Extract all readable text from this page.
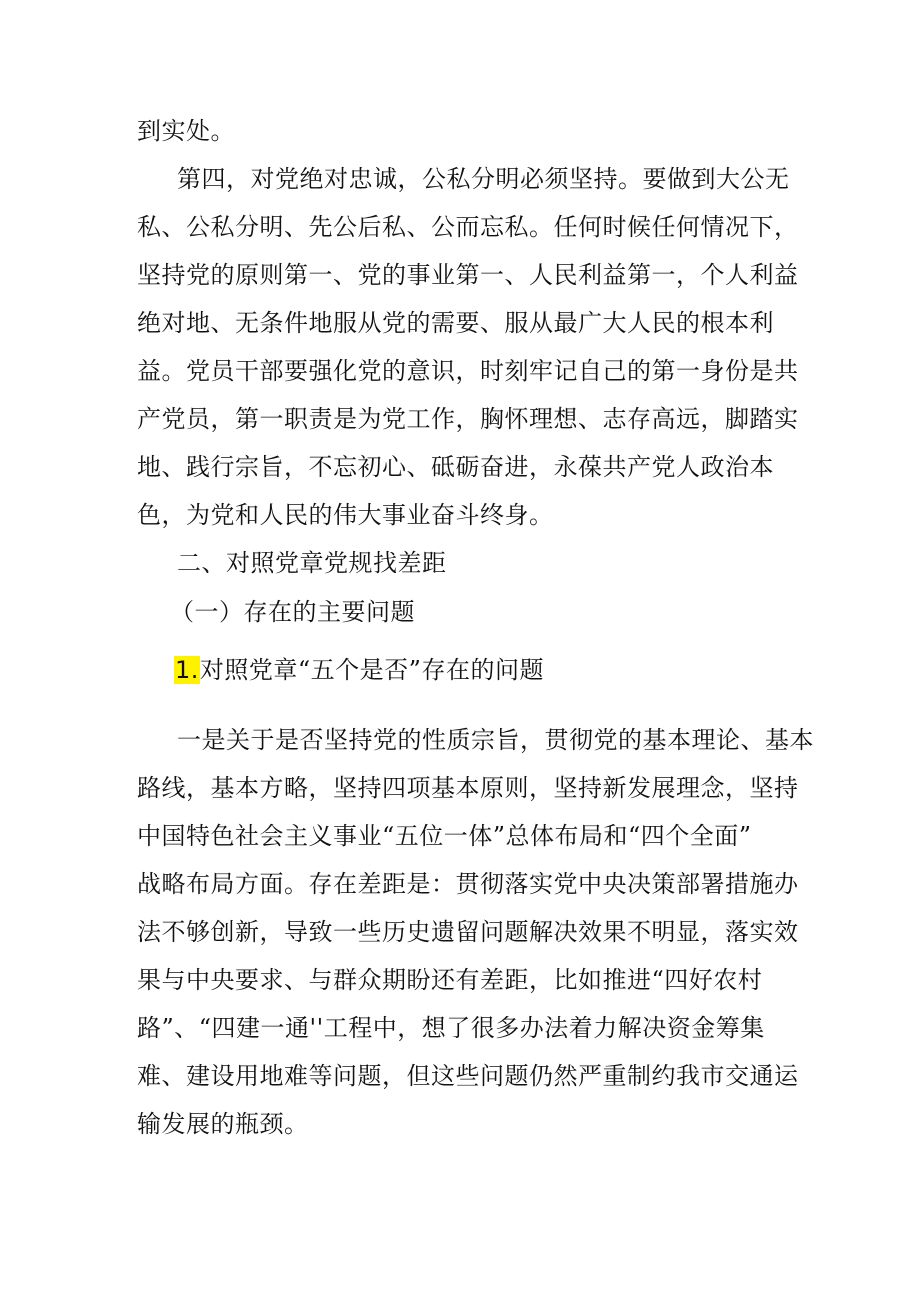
到实处。
第四，对党绝对忠诚，公私分明必须坚持。要做到大公无
私、公私分明、先公后私、公而忘私。任何时候任何情况下，
坚持党的原则第一、党的事业第一、人民利益第一，个人利益
绝对地、无条件地服从党的需要、服从最广大人民的根本利
益。党员干部要强化党的意识，时刻牢记自己的第一身份是共
产党员，第一职责是为党工作，胸怀理想、志存高远，脚踏实
地、践行宗旨，不忘初心、砥砺奋进，永葆共产党人政治本
色，为党和人民的伟大事业奋斗终身。
二、对照党章党规找差距
（一）存在的主要问题
1.对照党章“五个是否”存在的问题
一是关于是否坚持党的性质宗旨，贯彻党的基本理论、基本
路线，基本方略，坚持四项基本原则，坚持新发展理念，坚持
中国特色社会主义事业“五位一体”总体布局和“四个全面”
战略布局方面。存在差距是：贯彻落实党中央决策部署措施办
法不够创新，导致一些历史遗留问题解决效果不明显，落实效
果与中央要求、与群众期盼还有差距，比如推进“四好农村
路”、“四建一通''工程中，想了很多办法着力解决资金筹集
难、建设用地难等问题，但这些问题仍然严重制约我市交通运
输发展的瓶颈。
